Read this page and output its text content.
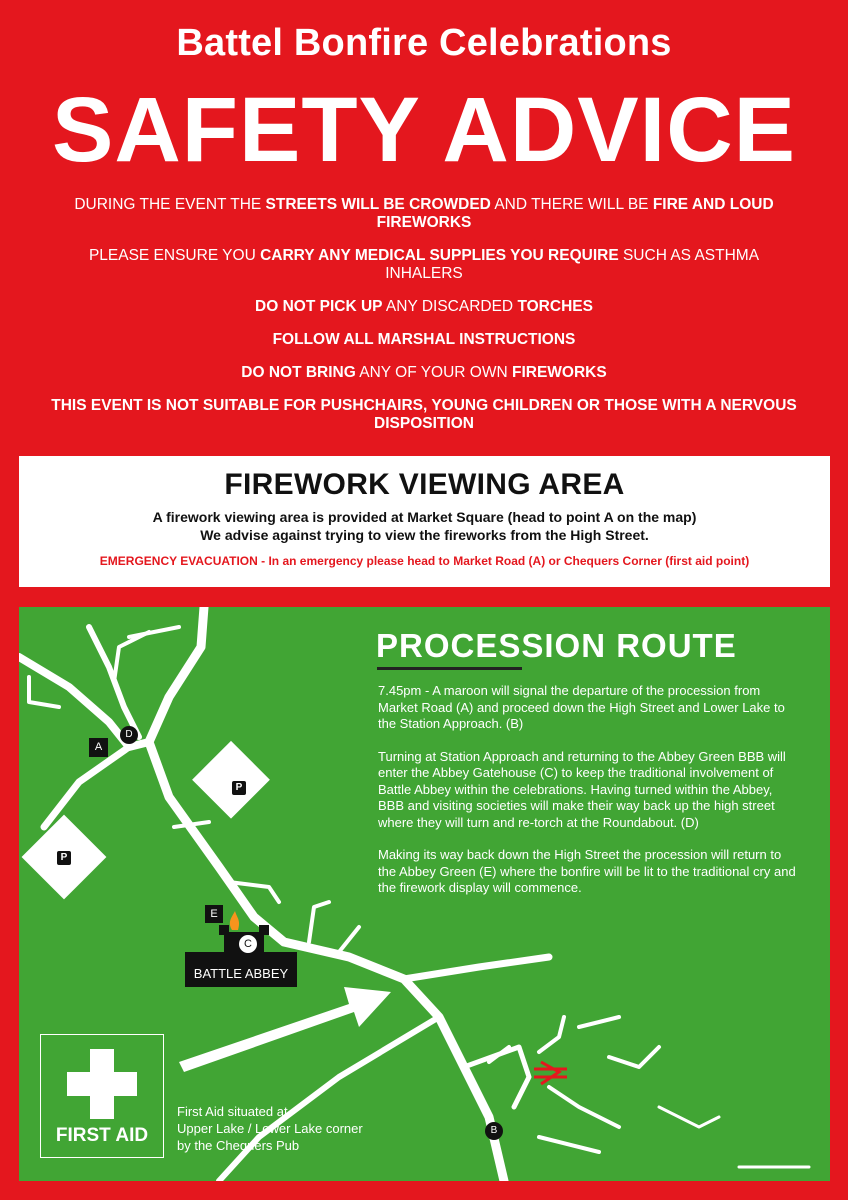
Battel Bonfire Celebrations
SAFETY ADVICE

DURING THE EVENT THE STREETS WILL BE CROWDED AND THERE WILL BE FIRE AND LOUD FIREWORKS

PLEASE ENSURE YOU CARRY ANY MEDICAL SUPPLIES YOU REQUIRE SUCH AS ASTHMA INHALERS

DO NOT PICK UP ANY DISCARDED TORCHES

FOLLOW ALL MARSHAL INSTRUCTIONS

DO NOT BRING ANY OF YOUR OWN FIREWORKS

THIS EVENT IS NOT SUITABLE FOR PUSHCHAIRS, YOUNG CHILDREN OR THOSE WITH A NERVOUS DISPOSITION

FIREWORK VIEWING AREA
A firework viewing area is provided at Market Square (head to point A on the map)
We advise against trying to view the fireworks from the High Street.
EMERGENCY EVACUATION - In an emergency please head to Market Road (A) or Chequers Corner (first aid point)
A
D
E
C
B
P
P
BATTLE ABBEY
PROCESSION ROUTE

7.45pm - A maroon will signal the departure of the procession from Market Road (A) and proceed down the High Street and Lower Lake to the Station Approach. (B)

Turning at Station Approach and returning to the Abbey Green BBB will enter the Abbey Gatehouse (C) to keep the traditional involvement of Battle Abbey within the celebrations. Having turned within the Abbey, BBB and visiting societies will make their way back up the high street where they will turn and re-torch at the Roundabout. (D)

Making its way back down the High Street the procession will return to the Abbey Green (E) where the bonfire will be lit to the traditional cry and the firework display will commence.

FIRST AID
First Aid situated at
Upper Lake / Lower Lake corner
by the Chequers Pub
